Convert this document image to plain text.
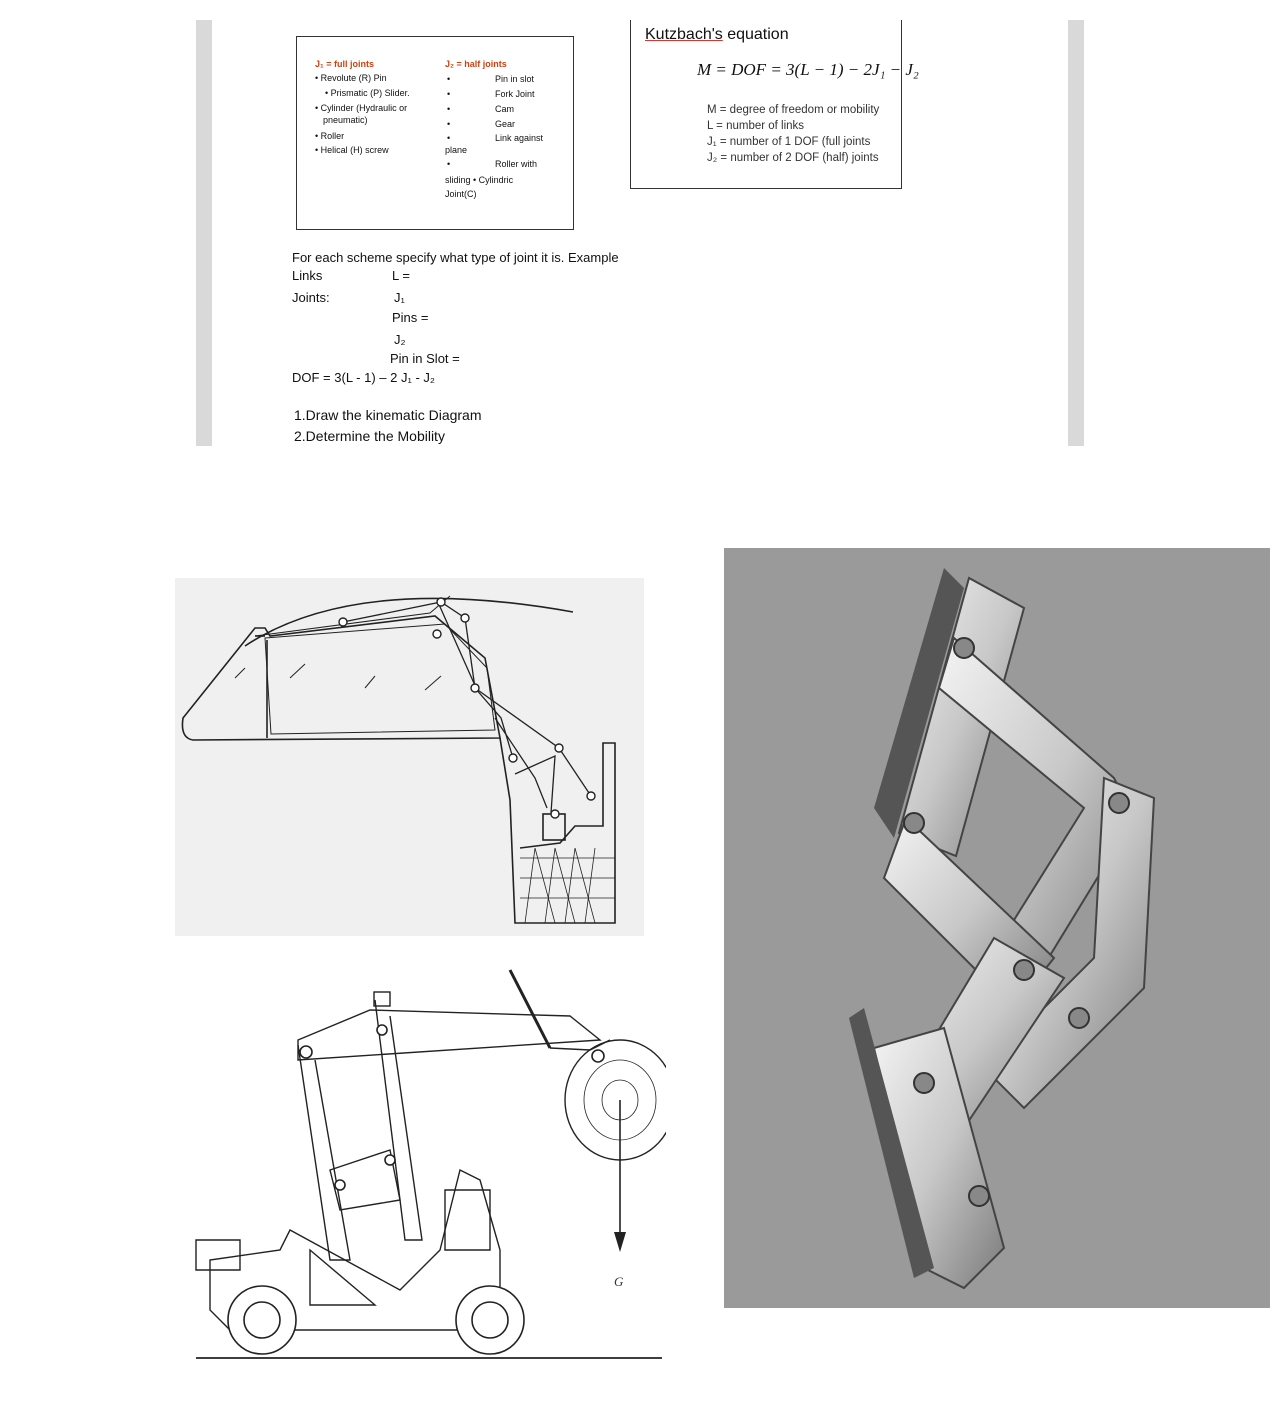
J₁ = full joints
• Revolute (R) Pin
• Prismatic (P) Slider.
• Cylinder (Hydraulic or
pneumatic)
• Roller
• Helical (H) screw
J₂ = half joints
•
•
•
•
•
•
Pin in slot
Fork Joint
Cam
Gear
Link against
plane
Roller with
sliding • Cylindric
Joint(C)
Kutzbach's equation
M = DOF = 3(L − 1) − 2J₁ − J₂
M = degree of freedom or mobility
L = number of links
J₁ = number of 1 DOF (full joints
J₂ = number of 2 DOF (half) joints
For each scheme specify what type of joint it is. Example
Links	L =
Joints:	J₁
Pins =
J₂
Pin in Slot =
DOF = 3(L - 1) – 2 J₁ - J₂
1.Draw the kinematic Diagram
2.Determine the Mobility
G
